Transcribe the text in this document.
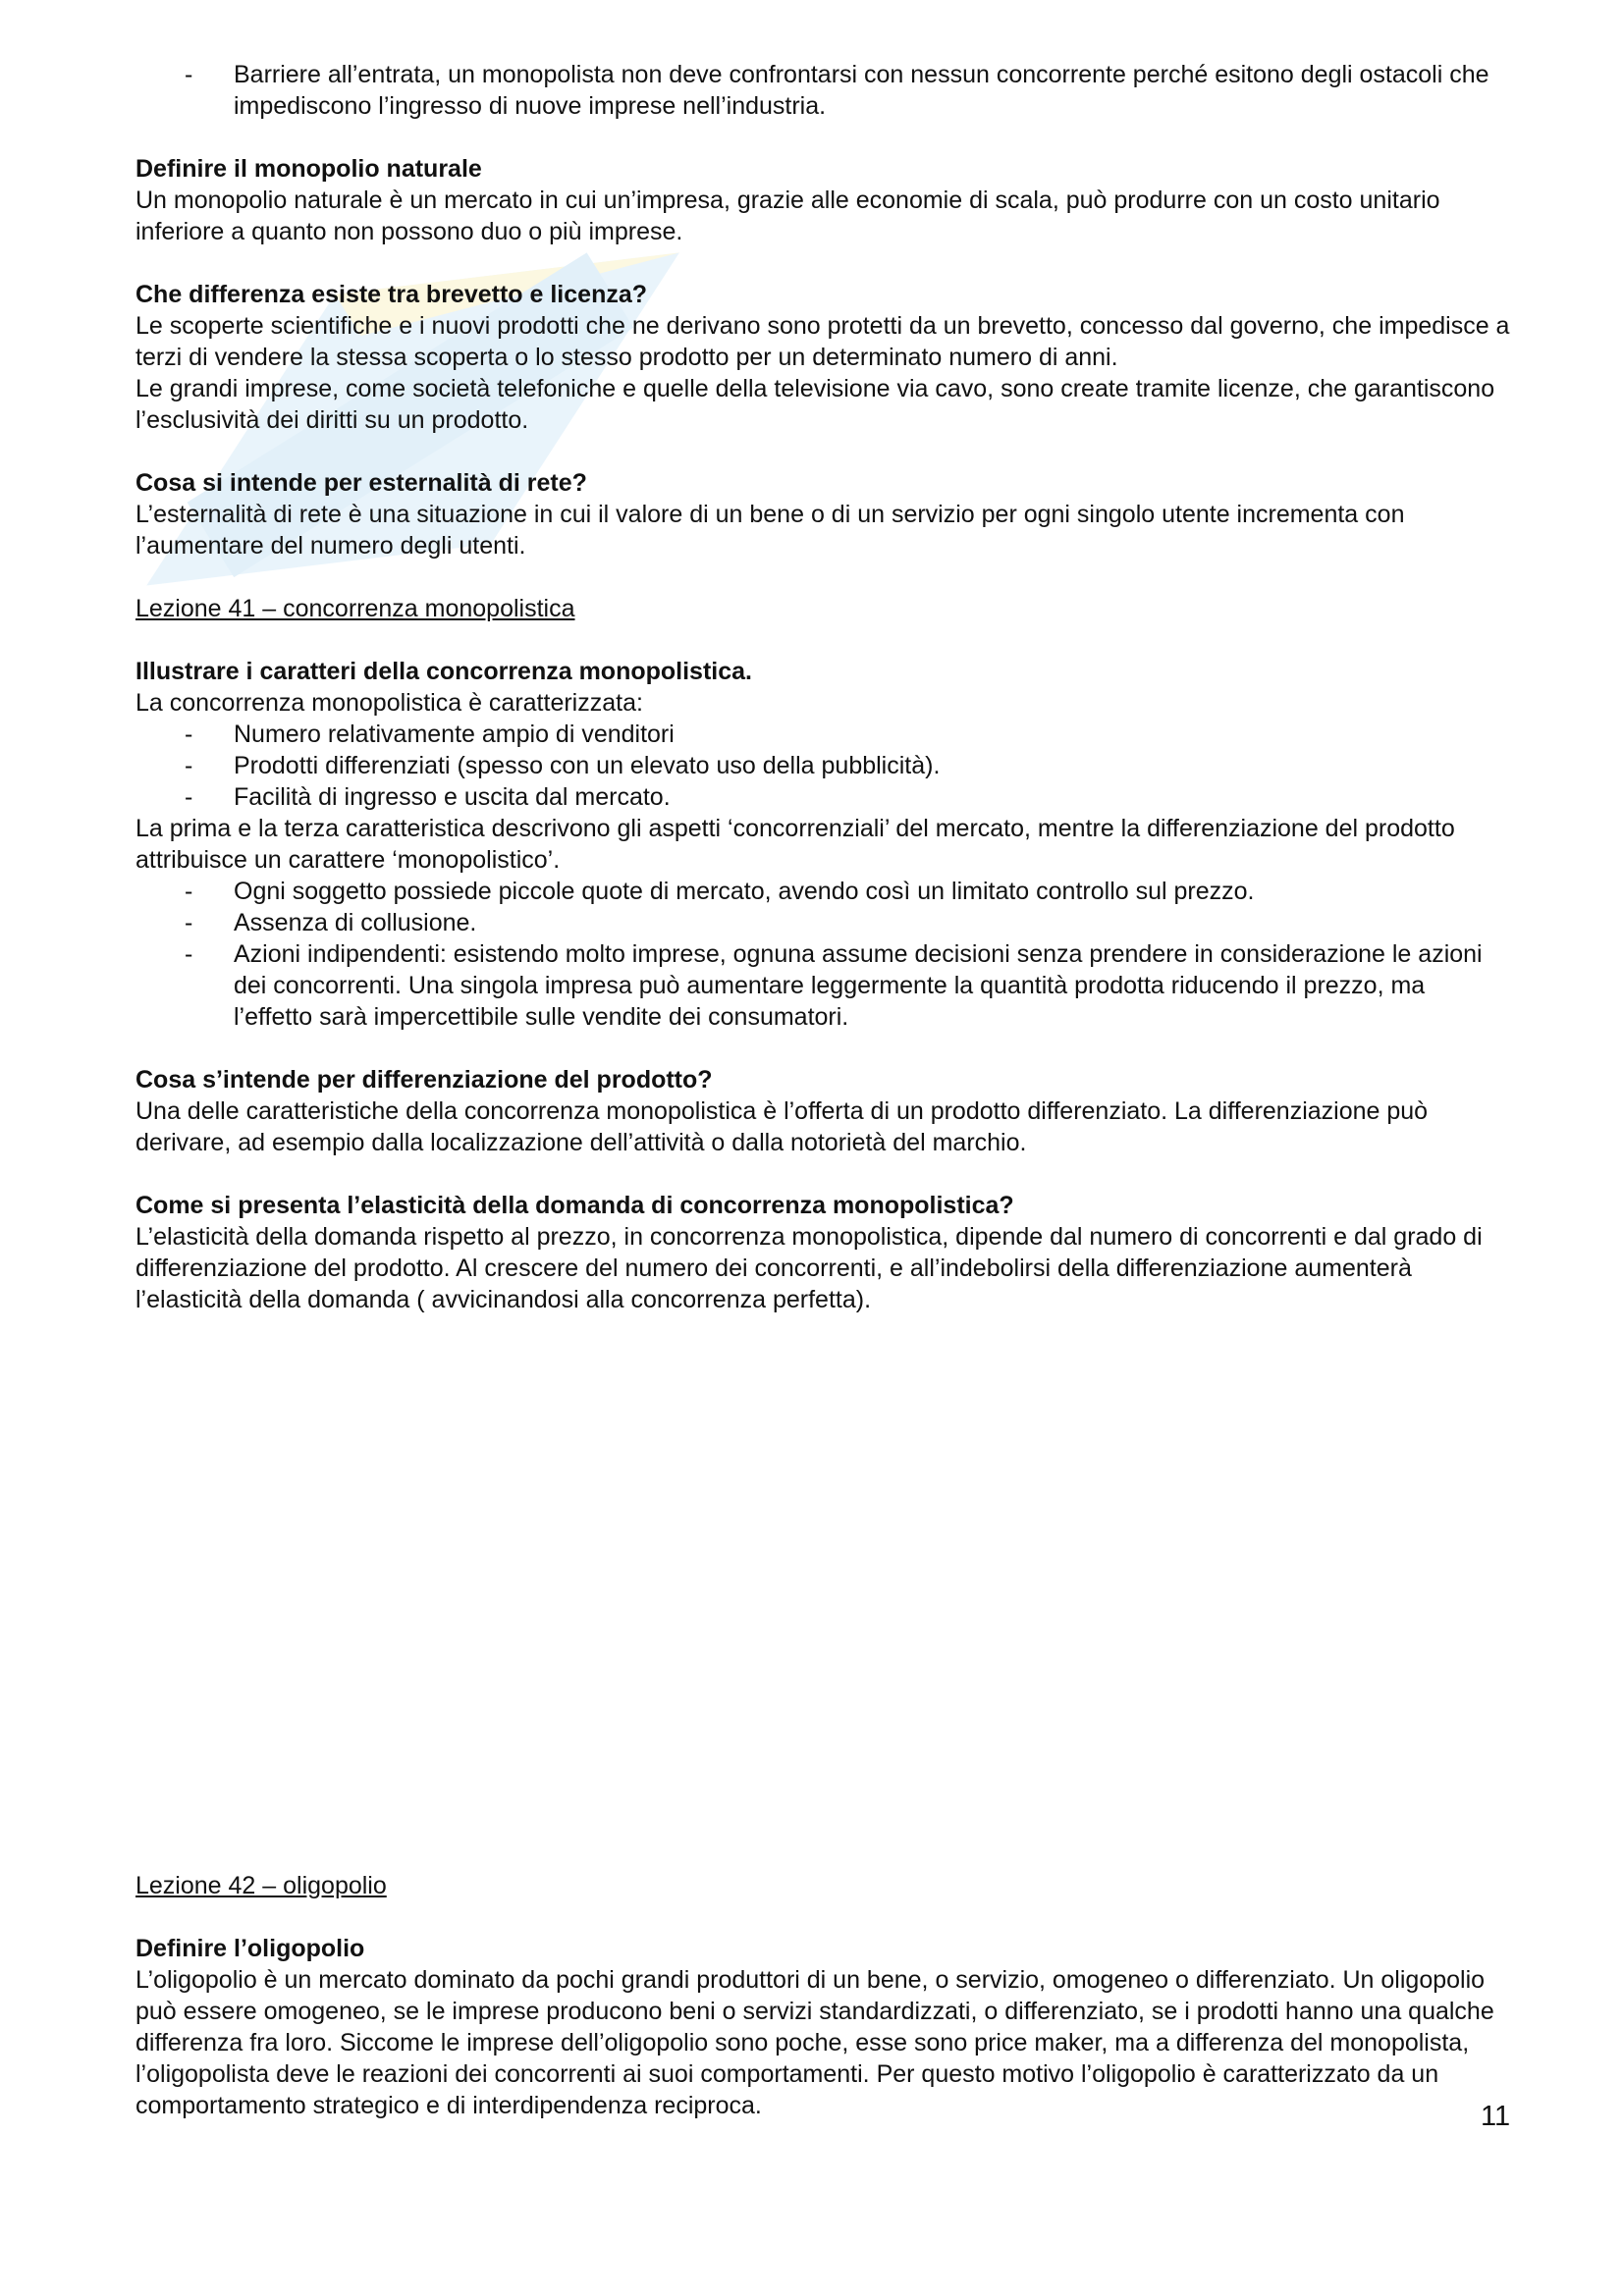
- Barriere all’entrata, un monopolista non deve confrontarsi con nessun concorrente perché esitono degli ostacoli che impediscono l’ingresso di nuove imprese nell’industria.

Definire il monopolio naturale

Un monopolio naturale è un mercato in cui un’impresa, grazie alle economie di scala, può produrre con un costo unitario inferiore a quanto non possono duo o più imprese.

Che differenza esiste tra brevetto e licenza?

Le scoperte scientifiche e i nuovi prodotti che ne derivano sono protetti da un brevetto, concesso dal governo, che impedisce a terzi di vendere la stessa scoperta o lo stesso prodotto per un determinato numero di anni.

Le grandi imprese, come società telefoniche e quelle della televisione via cavo, sono create tramite licenze, che garantiscono l’esclusività dei diritti su un prodotto.

Cosa si intende per esternalità di rete?

L’esternalità di rete è una situazione in cui il valore di un bene o di un servizio per ogni singolo utente incrementa con l’aumentare del numero degli utenti.

Lezione 41 – concorrenza monopolistica

Illustrare i caratteri della concorrenza monopolistica.

La concorrenza monopolistica è caratterizzata:

- Numero relativamente ampio di venditori
- Prodotti differenziati (spesso con un elevato uso della pubblicità).
- Facilità di ingresso e uscita dal mercato.

La prima e la terza caratteristica descrivono gli aspetti ‘concorrenziali’ del mercato, mentre la differenziazione del prodotto attribuisce un carattere ‘monopolistico’.

- Ogni soggetto possiede piccole quote di mercato, avendo così un limitato controllo sul prezzo.
- Assenza di collusione.
- Azioni indipendenti: esistendo molto imprese, ognuna assume decisioni senza prendere in considerazione le azioni dei concorrenti. Una singola impresa può aumentare leggermente la quantità prodotta riducendo il prezzo, ma l’effetto sarà impercettibile sulle vendite dei consumatori.

Cosa s’intende per differenziazione del prodotto?

Una delle caratteristiche della concorrenza monopolistica è l’offerta di un prodotto differenziato. La differenziazione può derivare, ad esempio dalla localizzazione dell’attività o dalla notorietà del marchio.

Come si presenta l’elasticità della domanda di concorrenza monopolistica?

L’elasticità della domanda rispetto al prezzo, in concorrenza monopolistica, dipende dal numero di concorrenti e dal grado di differenziazione del prodotto. Al crescere del numero dei concorrenti, e all’indebolirsi della differenziazione aumenterà l’elasticità della domanda ( avvicinandosi alla concorrenza perfetta).

Lezione 42 – oligopolio

Definire l’oligopolio

L’oligopolio è un mercato dominato da pochi grandi produttori di un bene, o servizio, omogeneo o differenziato. Un oligopolio può essere omogeneo, se le imprese producono beni o servizi standardizzati, o differenziato, se i prodotti hanno una qualche differenza fra loro. Siccome le imprese dell’oligopolio sono poche, esse sono price maker, ma a differenza del monopolista, l’oligopolista deve le reazioni dei concorrenti ai suoi comportamenti. Per questo motivo l’oligopolio è caratterizzato da un comportamento strategico e di interdipendenza reciproca.	11
